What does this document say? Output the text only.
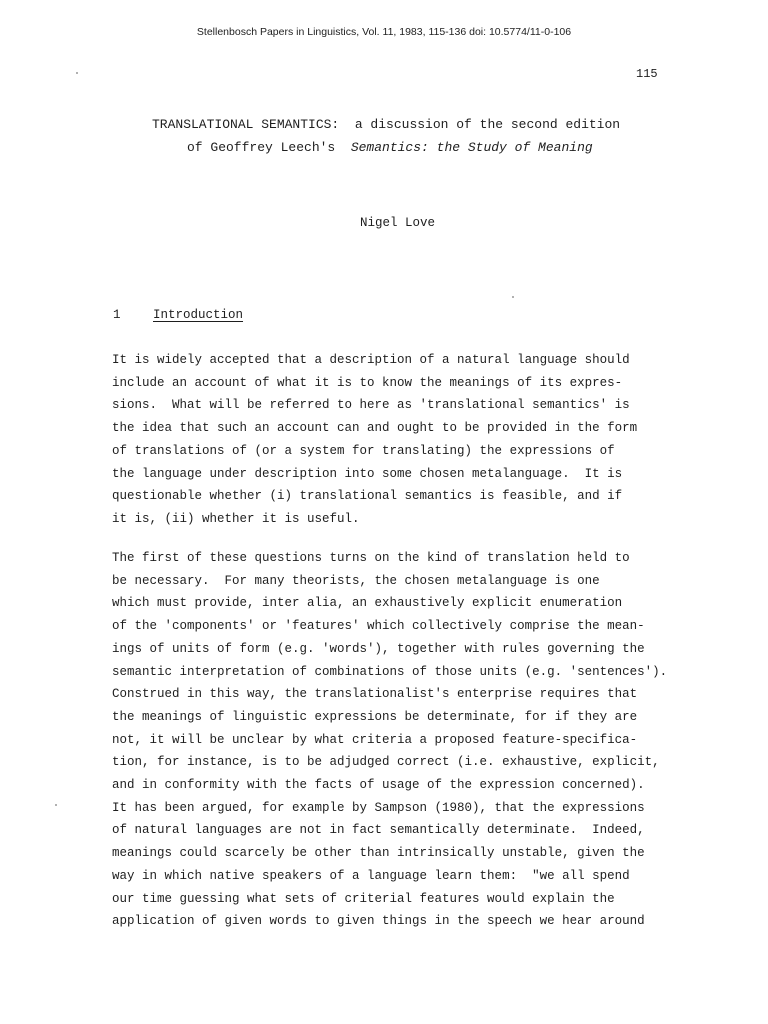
Stellenbosch Papers in Linguistics, Vol. 11, 1983, 115-136 doi: 10.5774/11-0-106
115
TRANSLATIONAL SEMANTICS:  a discussion of the second edition
of Geoffrey Leech's  Semantics: the Study of Meaning
Nigel Love
1	Introduction
It is widely accepted that a description of a natural language should
include an account of what it is to know the meanings of its expres-
sions.  What will be referred to here as 'translational semantics' is
the idea that such an account can and ought to be provided in the form
of translations of (or a system for translating) the expressions of
the language under description into some chosen metalanguage.  It is
questionable whether (i) translational semantics is feasible, and if
it is, (ii) whether it is useful.
The first of these questions turns on the kind of translation held to
be necessary.  For many theorists, the chosen metalanguage is one
which must provide, inter alia, an exhaustively explicit enumeration
of the 'components' or 'features' which collectively comprise the mean-
ings of units of form (e.g. 'words'), together with rules governing the
semantic interpretation of combinations of those units (e.g. 'sentences').
Construed in this way, the translationalist's enterprise requires that
the meanings of linguistic expressions be determinate, for if they are
not, it will be unclear by what criteria a proposed feature-specifica-
tion, for instance, is to be adjudged correct (i.e. exhaustive, explicit,
and in conformity with the facts of usage of the expression concerned).
It has been argued, for example by Sampson (1980), that the expressions
of natural languages are not in fact semantically determinate.  Indeed,
meanings could scarcely be other than intrinsically unstable, given the
way in which native speakers of a language learn them:  "we all spend
our time guessing what sets of criterial features would explain the
application of given words to given things in the speech we hear around
